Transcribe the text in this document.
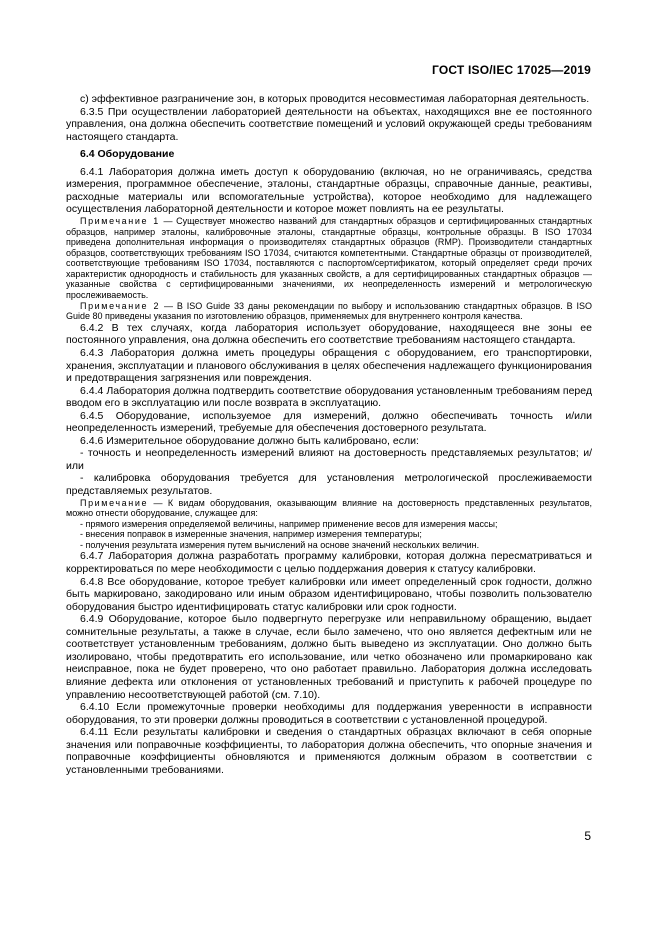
ГОСТ ISO/IEC 17025—2019

c) эффективное разграничение зон, в которых проводится несовместимая лабораторная деятельность.

6.3.5 При осуществлении лабораторией деятельности на объектах, находящихся вне ее постоянного управления, она должна обеспечить соответствие помещений и условий окружающей среды требованиям настоящего стандарта.

6.4 Оборудование

6.4.1 Лаборатория должна иметь доступ к оборудованию (включая, но не ограничиваясь, средства измерения, программное обеспечение, эталоны, стандартные образцы, справочные данные, реактивы, расходные материалы или вспомогательные устройства), которое необходимо для надлежащего осуществления лабораторной деятельности и которое может повлиять на ее результаты.

Примечание 1 — Существует множество названий для стандартных образцов и сертифицированных стандартных образцов, например эталоны, калибровочные эталоны, стандартные образцы, контрольные образцы. В ISO 17034 приведена дополнительная информация о производителях стандартных образцов (RMP). Производители стандартных образцов, соответствующих требованиям ISO 17034, считаются компетентными. Стандартные образцы от производителей, соответствующие требованиям ISO 17034, поставляются с паспортом/сертификатом, который определяет среди прочих характеристик однородность и стабильность для указанных свойств, а для сертифицированных стандартных образцов — указанные свойства с сертифицированными значениями, их неопределенность измерений и метрологическую прослеживаемость.

Примечание 2 — В ISO Guide 33 даны рекомендации по выбору и использованию стандартных образцов. В ISO Guide 80 приведены указания по изготовлению образцов, применяемых для внутреннего контроля качества.

6.4.2 В тех случаях, когда лаборатория использует оборудование, находящееся вне зоны ее постоянного управления, она должна обеспечить его соответствие требованиям настоящего стандарта.

6.4.3 Лаборатория должна иметь процедуры обращения с оборудованием, его транспортировки, хранения, эксплуатации и планового обслуживания в целях обеспечения надлежащего функционирования и предотвращения загрязнения или повреждения.

6.4.4 Лаборатория должна подтвердить соответствие оборудования установленным требованиям перед вводом его в эксплуатацию или после возврата в эксплуатацию.

6.4.5 Оборудование, используемое для измерений, должно обеспечивать точность и/или неопределенность измерений, требуемые для обеспечения достоверного результата.

6.4.6 Измерительное оборудование должно быть калибровано, если:

- точность и неопределенность измерений влияют на достоверность представляемых результатов; и/или

- калибровка оборудования требуется для установления метрологической прослеживаемости представляемых результатов.

Примечание — К видам оборудования, оказывающим влияние на достоверность представленных результатов, можно отнести оборудование, служащее для:

- прямого измерения определяемой величины, например применение весов для измерения массы;

- внесения поправок в измеренные значения, например измерения температуры;

- получения результата измерения путем вычислений на основе значений нескольких величин.

6.4.7 Лаборатория должна разработать программу калибровки, которая должна пересматриваться и корректироваться по мере необходимости с целью поддержания доверия к статусу калибровки.

6.4.8 Все оборудование, которое требует калибровки или имеет определенный срок годности, должно быть маркировано, закодировано или иным образом идентифицировано, чтобы позволить пользователю оборудования быстро идентифицировать статус калибровки или срок годности.

6.4.9 Оборудование, которое было подвергнуто перегрузке или неправильному обращению, выдает сомнительные результаты, а также в случае, если было замечено, что оно является дефектным или не соответствует установленным требованиям, должно быть выведено из эксплуатации. Оно должно быть изолировано, чтобы предотвратить его использование, или четко обозначено или промаркировано как неисправное, пока не будет проверено, что оно работает правильно. Лаборатория должна исследовать влияние дефекта или отклонения от установленных требований и приступить к рабочей процедуре по управлению несоответствующей работой (см. 7.10).

6.4.10 Если промежуточные проверки необходимы для поддержания уверенности в исправности оборудования, то эти проверки должны проводиться в соответствии с установленной процедурой.

6.4.11 Если результаты калибровки и сведения о стандартных образцах включают в себя опорные значения или поправочные коэффициенты, то лаборатория должна обеспечить, что опорные значения и поправочные коэффициенты обновляются и применяются должным образом в соответствии с установленными требованиями.

5
